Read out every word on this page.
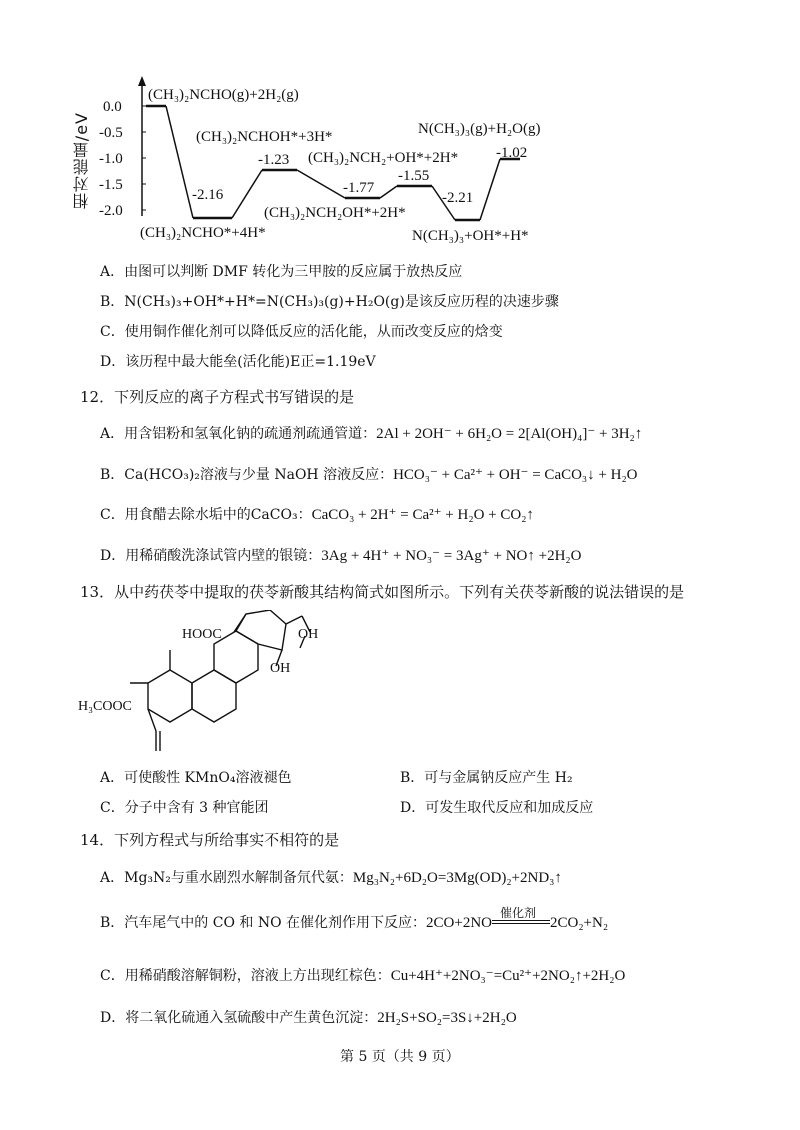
相对能量/eV
0.0
-0.5
-1.0
-1.5
-2.0
(CH₃)₂NCHO(g)+2H₂(g)
-2.16
(CH₃)₂NCHO*+4H*
(CH₃)₂NCHOH*+3H*
-1.23 (CH₃)₂NCH₂+OH*+2H*
-1.77
-1.55
(CH₃)₂NCH₂OH*+2H*
-2.21
N(CH₃)₃+OH*+H*
N(CH₃)₃(g)+H₂O(g)
-1.02
A．由图可以判断 DMF 转化为三甲胺的反应属于放热反应
B．N(CH₃)₃+OH*+H*=N(CH₃)₃(g)+H₂O(g)是该反应历程的决速步骤
C．使用铜作催化剂可以降低反应的活化能，从而改变反应的焓变
D．该历程中最大能垒(活化能)E正=1.19eV
12．下列反应的离子方程式书写错误的是
A．用含铝粉和氢氧化钠的疏通剂疏通管道：2Al + 2OH⁻ + 6H₂O = 2[Al(OH)₄]⁻ + 3H₂↑
B．Ca(HCO₃)₂溶液与少量 NaOH 溶液反应：HCO₃⁻ + Ca²⁺ + OH⁻ = CaCO₃↓ + H₂O
C．用食醋去除水垢中的CaCO₃：CaCO₃ + 2H⁺ = Ca²⁺ + H₂O + CO₂↑
D．用稀硝酸洗涤试管内壁的银镜：3Ag + 4H⁺ + NO₃⁻ = 3Ag⁺ + NO↑ +2H₂O
13．从中药茯苓中提取的茯苓新酸其结构简式如图所示。下列有关茯苓新酸的说法错误的是
HOOC	OH
OH
H₃COOC
A．可使酸性 KMnO₄溶液褪色	B．可与金属钠反应产生 H₂
C．分子中含有 3 种官能团	D．可发生取代反应和加成反应
14．下列方程式与所给事实不相符的是
A．Mg₃N₂与重水剧烈水解制备氘代氨：Mg₃N₂+6D₂O=3Mg(OD)₂+2ND₃↑
B．汽车尾气中的 CO 和 NO 在催化剂作用下反应：2CO+2NO
催化剂
2CO₂+N₂
C．用稀硝酸溶解铜粉，溶液上方出现红棕色：Cu+4H⁺+2NO₃⁻=Cu²⁺+2NO₂↑+2H₂O
D．将二氧化硫通入氢硫酸中产生黄色沉淀：2H₂S+SO₂=3S↓+2H₂O
第 5 页（共 9 页）
